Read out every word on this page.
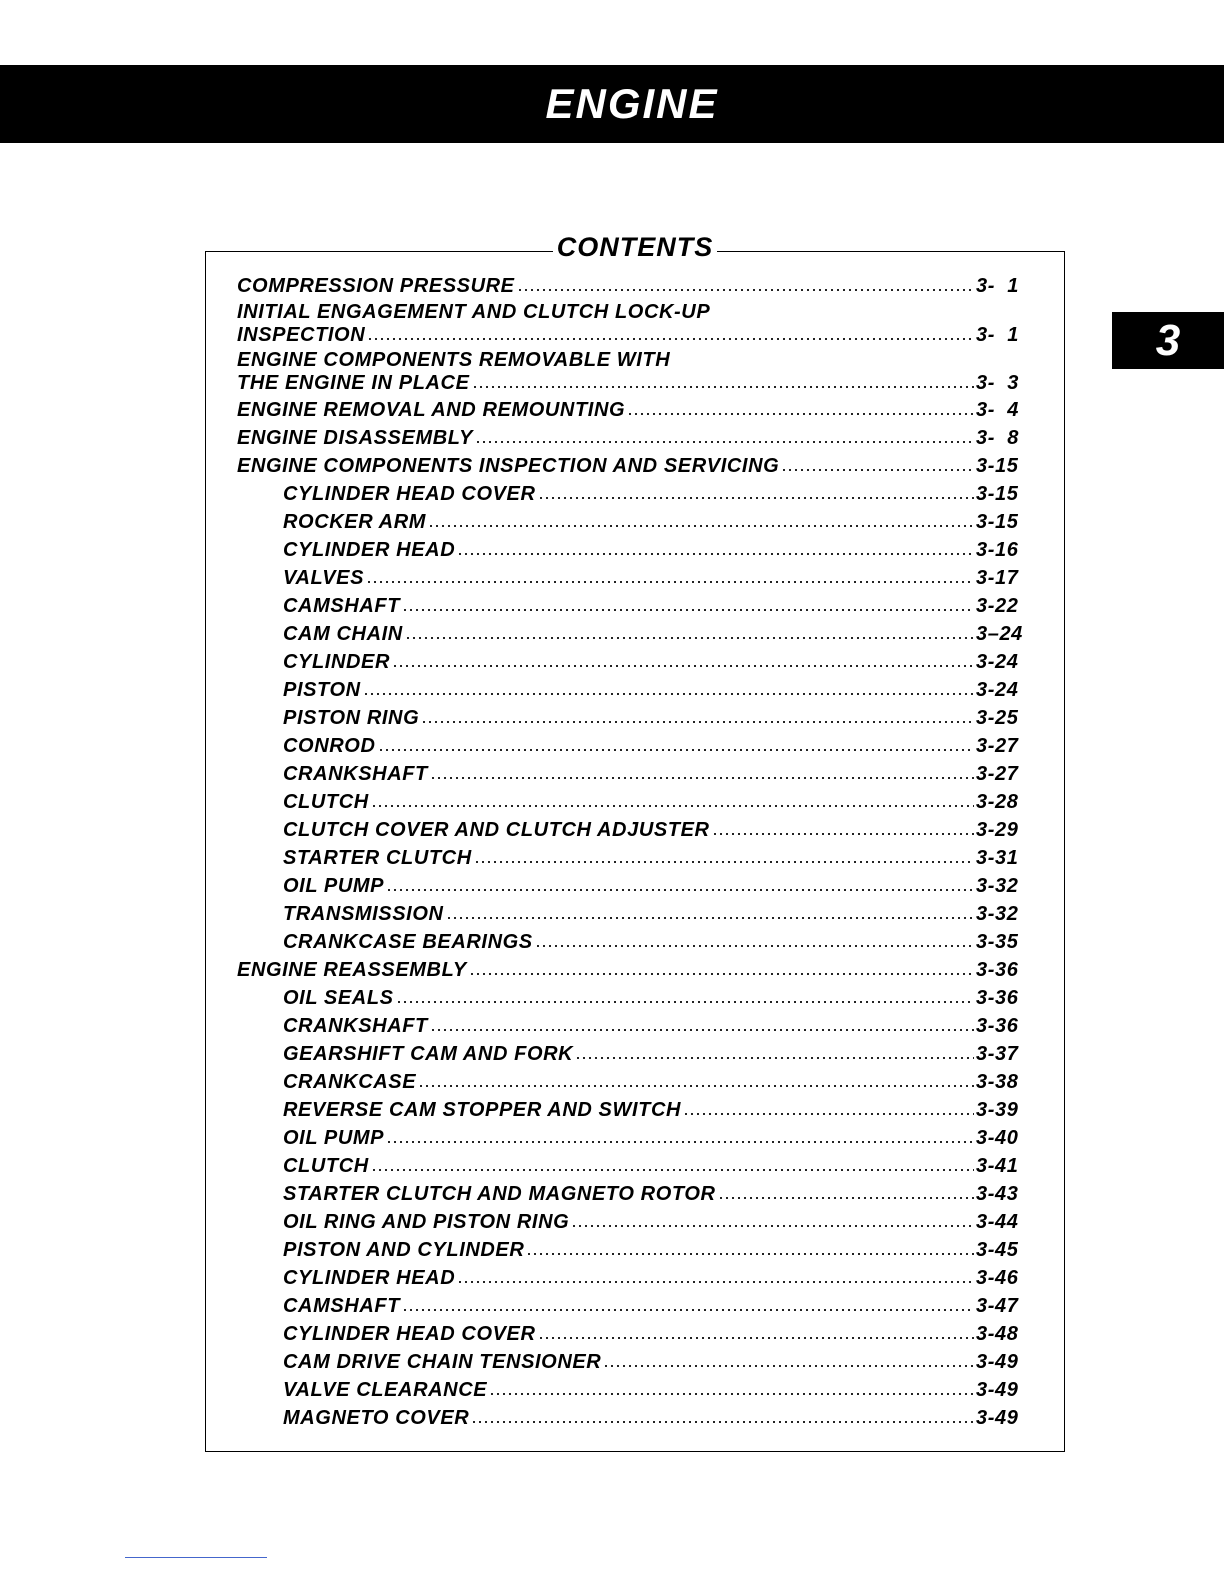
ENGINE
3
CONTENTS
COMPRESSION PRESSURE	3-  1
INITIAL ENGAGEMENT AND CLUTCH LOCK-UP
INSPECTION	3-  1
ENGINE COMPONENTS REMOVABLE WITH
THE ENGINE IN PLACE	3-  3
ENGINE REMOVAL AND REMOUNTING	3-  4
ENGINE DISASSEMBLY	3-  8
ENGINE COMPONENTS INSPECTION AND SERVICING	3-15
CYLINDER HEAD COVER	3-15
ROCKER ARM	3-15
CYLINDER HEAD	3-16
VALVES	3-17
CAMSHAFT	3-22
CAM CHAIN	3–24
CYLINDER	3-24
PISTON	3-24
PISTON RING	3-25
CONROD	3-27
CRANKSHAFT	3-27
CLUTCH	3-28
CLUTCH COVER AND CLUTCH ADJUSTER	3-29
STARTER CLUTCH	3-31
OIL PUMP	3-32
TRANSMISSION	3-32
CRANKCASE BEARINGS	3-35
ENGINE REASSEMBLY	3-36
OIL SEALS	3-36
CRANKSHAFT	3-36
GEARSHIFT CAM AND FORK	3-37
CRANKCASE	3-38
REVERSE CAM STOPPER AND SWITCH	3-39
OIL PUMP	3-40
CLUTCH	3-41
STARTER CLUTCH AND MAGNETO ROTOR	3-43
OIL RING AND PISTON RING	3-44
PISTON AND CYLINDER	3-45
CYLINDER HEAD	3-46
CAMSHAFT	3-47
CYLINDER HEAD COVER	3-48
CAM DRIVE CHAIN TENSIONER	3-49
VALVE CLEARANCE	3-49
MAGNETO COVER	3-49
